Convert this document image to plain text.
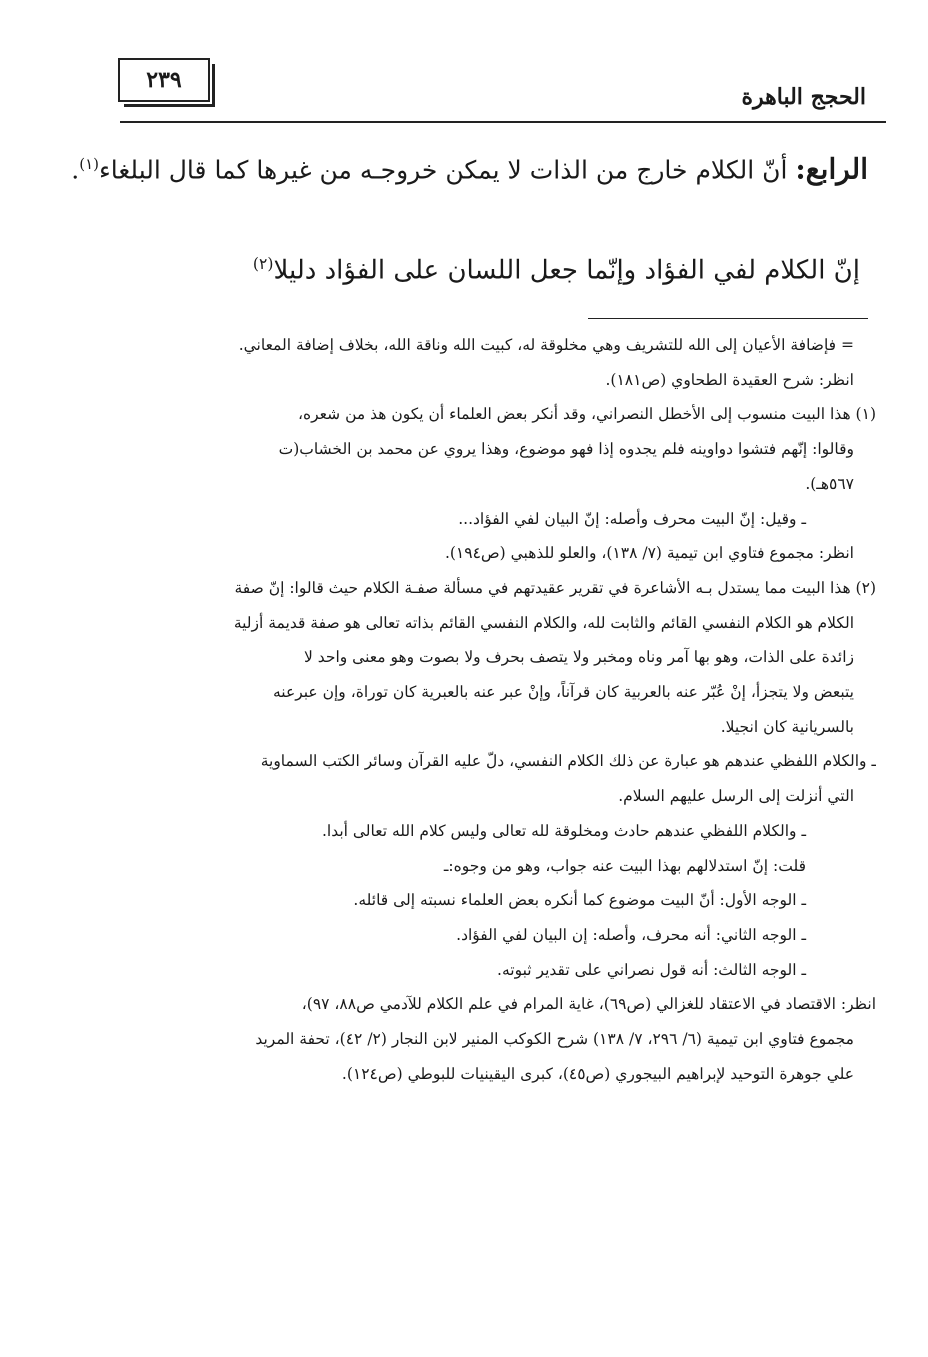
٢٣٩
الحجج الباهرة
الرابع: أنّ الكلام خارج من الذات لا يمكن خروجـه من غيرها كما قال البلغاء$^{(١)}$.
إنّ الكلام لفي الفؤاد وإنّما جعل اللسان على الفؤاد دليلا$^{(٢)}$
= فإضافة الأعيان إلى الله للتشريف وهي مخلوقة له، كبيت الله وناقة الله، بخلاف إضافة المعاني.
انظر: شرح العقيدة الطحاوي (ص١٨١).
(١) هذا البيت منسوب إلى الأخطل النصراني، وقد أنكر بعض العلماء أن يكون هذ من شعره،
وقالوا: إنّهم فتشوا دواوينه فلم يجدوه إذا فهو موضوع، وهذا يروي عن محمد بن الخشاب(ت
٥٦٧هـ).
ـ وقيل: إنّ البيت محرف وأصله: إنّ البيان لفي الفؤاد...
انظر: مجموع فتاوي ابن تيمية (٧/ ١٣٨)، والعلو للذهبي (ص١٩٤).
(٢) هذا البيت مما يستدل بـه الأشاعرة في تقرير عقيدتهم في مسألة صفـة الكلام حيث قالوا: إنّ صفة
الكلام هو الكلام النفسي القائم والثابت لله، والكلام النفسي القائم بذاته تعالى هو صفة قديمة أزلية
زائدة على الذات، وهو بها آمر وناه ومخبر ولا يتصف بحرف ولا بصوت وهو معنى واحد لا
يتبعض ولا يتجزأ، إنْ عُبّر عنه بالعربية كان قرآناً، وإنْ عبر عنه بالعبرية كان توراة، وإن عبرعنه
بالسريانية كان انجيلا.
ـ والكلام اللفظي عندهم هو عبارة عن ذلك الكلام النفسي، دلّ عليه القرآن وسائر الكتب السماوية
التي أنزلت إلى الرسل عليهم السلام.
ـ والكلام اللفظي عندهم حادث ومخلوقة لله تعالى وليس كلام الله تعالى أبدا.
قلت: إنّ استدلالهم بهذا البيت عنه جواب، وهو من وجوه:ـ
ـ الوجه الأول: أنّ البيت موضوع كما أنكره بعض العلماء نسبته إلى قائله.
ـ الوجه الثاني: أنه محرف، وأصله: إن البيان لفي الفؤاد.
ـ الوجه الثالث: أنه قول نصراني على تقدير ثبوته.
انظر: الاقتصاد في الاعتقاد للغزالي (ص٦٩)، غاية المرام في علم الكلام للآدمي ص٨٨، ٩٧)،
مجموع فتاوي ابن تيمية (٦/ ٢٩٦، ٧/ ١٣٨) شرح الكوكب المنير لابن النجار (٢/ ٤٢)، تحفة المريد
علي جوهرة التوحيد لإبراهيم البيجوري (ص٤٥)، كبرى اليقينيات للبوطي (ص١٢٤).
